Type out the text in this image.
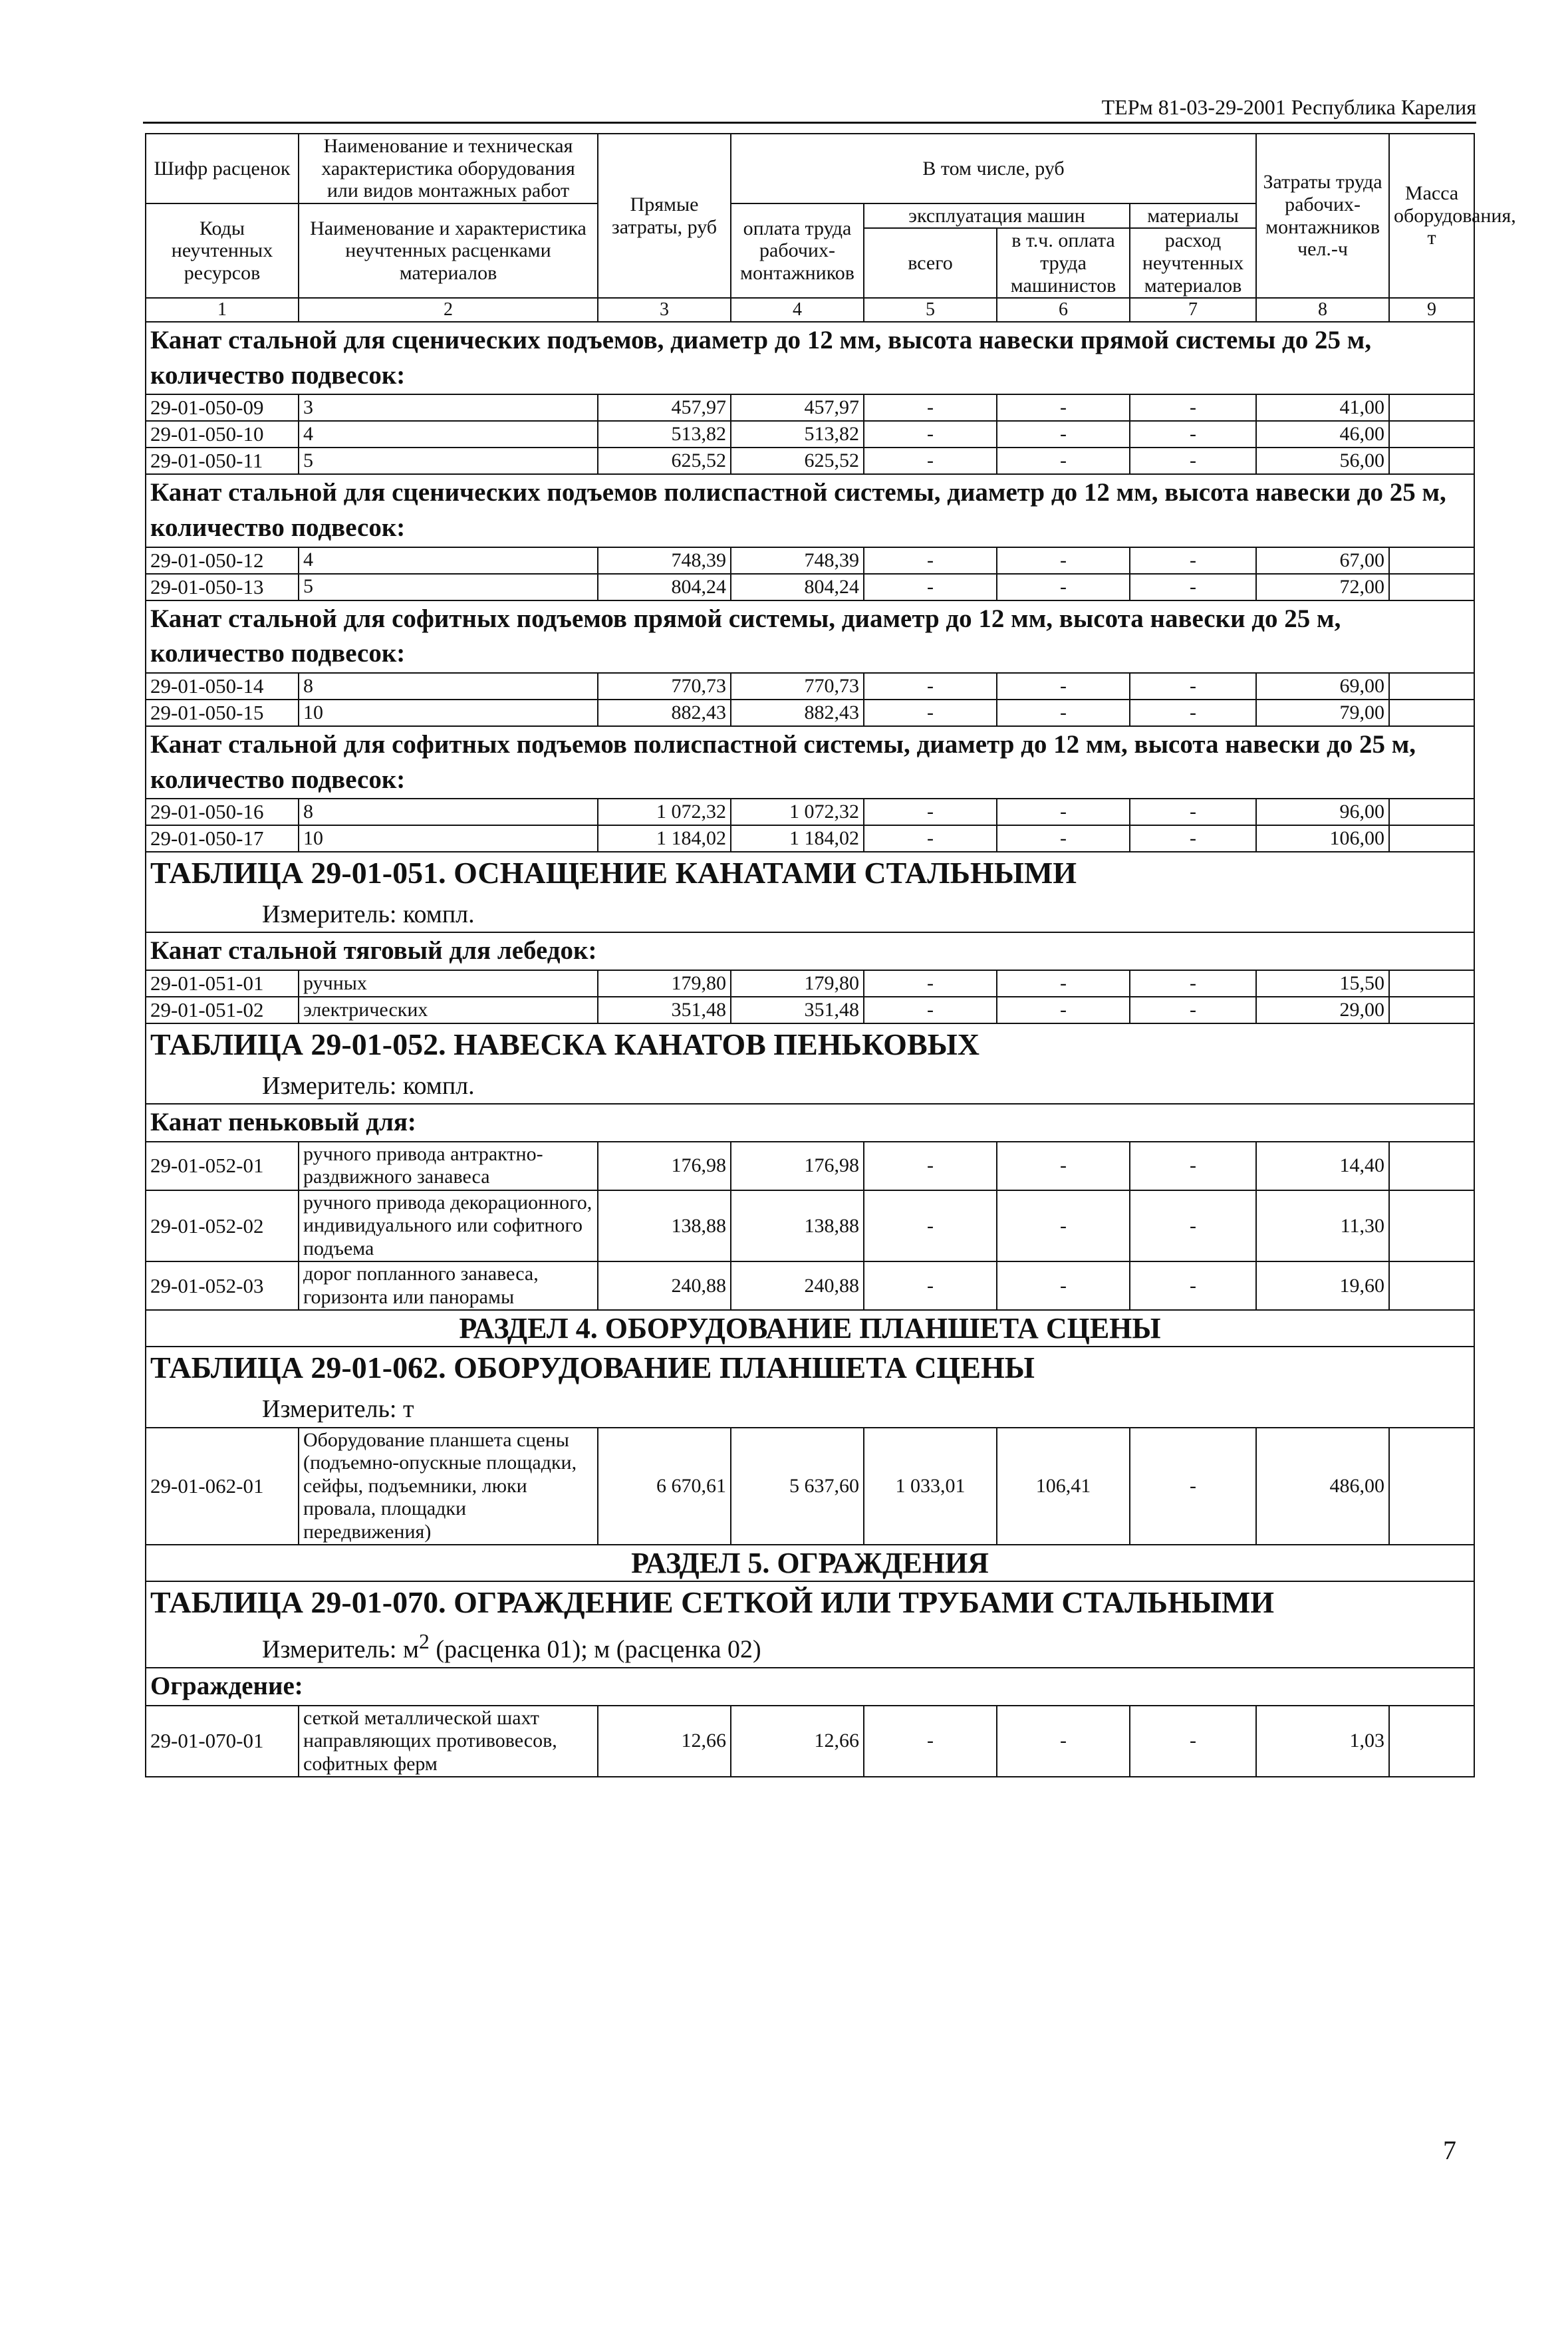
ТЕРм 81-03-29-2001 Республика Карелия
Шифр расценок	Наименование и техническая характеристика оборудования или видов монтажных работ	Прямые затраты, руб	В том числе, руб				Затраты труда рабочих-монтажников чел.-ч	Масса оборудования, т
Коды неучтенных ресурсов	Наименование и характеристика неучтенных расценками материалов		оплата труда рабочих-монтажников	эксплуатация машин		материалы		
				всего	в т.ч. оплата труда машинистов	расход неучтенных материалов		

1	2	3	4	5	6	7	8	9
Канат стальной для сценических подъемов, диаметр до 12 мм, высота навески прямой системы до 25 м, количество подвесок:								
29-01-050-09	3	457,97	457,97	-	-	-	41,00	
29-01-050-10	4	513,82	513,82	-	-	-	46,00	
29-01-050-11	5	625,52	625,52	-	-	-	56,00	
Канат стальной для сценических подъемов полиспастной системы, диаметр до 12 мм, высота навески до 25 м, количество подвесок:								
29-01-050-12	4	748,39	748,39	-	-	-	67,00	
29-01-050-13	5	804,24	804,24	-	-	-	72,00	
Канат стальной для софитных подъемов прямой системы, диаметр до 12 мм, высота навески до 25 м, количество подвесок:								
29-01-050-14	8	770,73	770,73	-	-	-	69,00	
29-01-050-15	10	882,43	882,43	-	-	-	79,00	
Канат стальной для софитных подъемов полиспастной системы, диаметр до 12 мм, высота навески до 25 м, количество подвесок:								
29-01-050-16	8	1 072,32	1 072,32	-	-	-	96,00	
29-01-050-17	10	1 184,02	1 184,02	-	-	-	106,00	

ТАБЛИЦА 29-01-051. ОСНАЩЕНИЕ КАНАТАМИ СТАЛЬНЫМИ
Измеритель: компл.								

Канат стальной тяговый для лебедок:								
29-01-051-01	ручных	179,80	179,80	-	-	-	15,50	
29-01-051-02	электрических	351,48	351,48	-	-	-	29,00	

ТАБЛИЦА 29-01-052. НАВЕСКА КАНАТОВ ПЕНЬКОВЫХ
Измеритель: компл.								

Канат пеньковый для:								
29-01-052-01	ручного привода антрактно-раздвижного занавеса	176,98	176,98	-	-	-	14,40	
29-01-052-02	ручного привода декорационного, индивидуального или софитного подъема	138,88	138,88	-	-	-	11,30	
29-01-052-03	дорог попланного занавеса, горизонта или панорамы	240,88	240,88	-	-	-	19,60	
РАЗДЕЛ 4. ОБОРУДОВАНИЕ ПЛАНШЕТА СЦЕНЫ								

ТАБЛИЦА 29-01-062. ОБОРУДОВАНИЕ ПЛАНШЕТА СЦЕНЫ
Измеритель: т								

29-01-062-01	Оборудование планшета сцены (подъемно-опускные площадки, сейфы, подъемники, люки провала, площадки передвижения)	6 670,61	5 637,60	1 033,01	106,41	-	486,00	
РАЗДЕЛ 5. ОГРАЖДЕНИЯ								

ТАБЛИЦА 29-01-070. ОГРАЖДЕНИЕ СЕТКОЙ ИЛИ ТРУБАМИ СТАЛЬНЫМИ
Измеритель: $м^2$ (расценка 01); м (расценка 02)								

Ограждение:								
29-01-070-01	сеткой металлической шахт направляющих противовесов, софитных ферм	12,66	12,66	-	-	-	1,03	
7
